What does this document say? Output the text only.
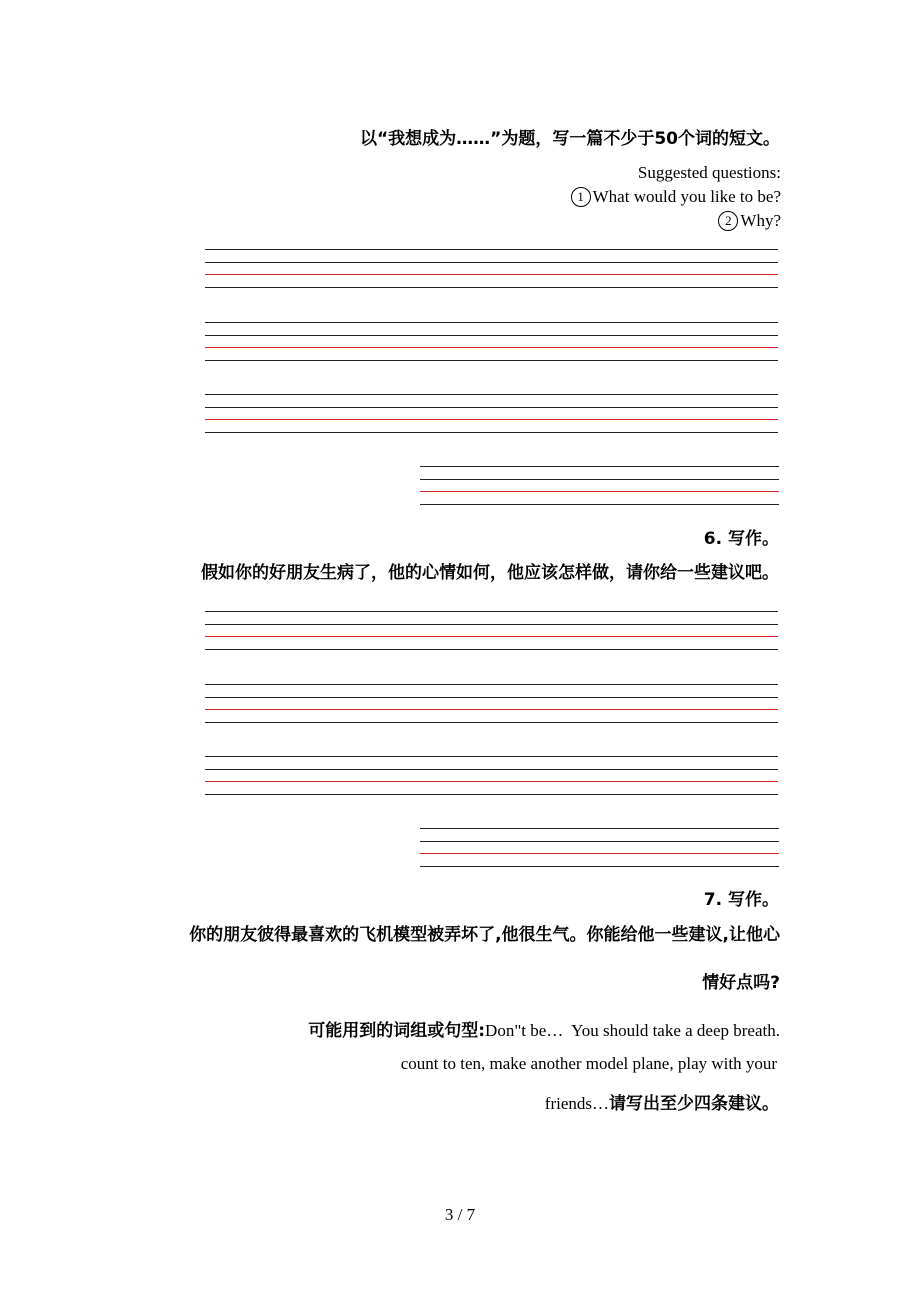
以“我想成为……”为题，写一篇不少于50个词的短文。
Suggested questions:
1 What would you like to be?
2 Why?
6. 写作。
假如你的好朋友生病了，他的心情如何，他应该怎样做，请你给一些建议吧。
7. 写作。
你的朋友彼得最喜欢的飞机模型被弄坏了,他很生气。你能给他一些建议,让他心
情好点吗?
可能用到的词组或句型:Don"t be…  You should take a deep breath.
count to ten, make another model plane, play with your
friends…请写出至少四条建议。
3 / 7
